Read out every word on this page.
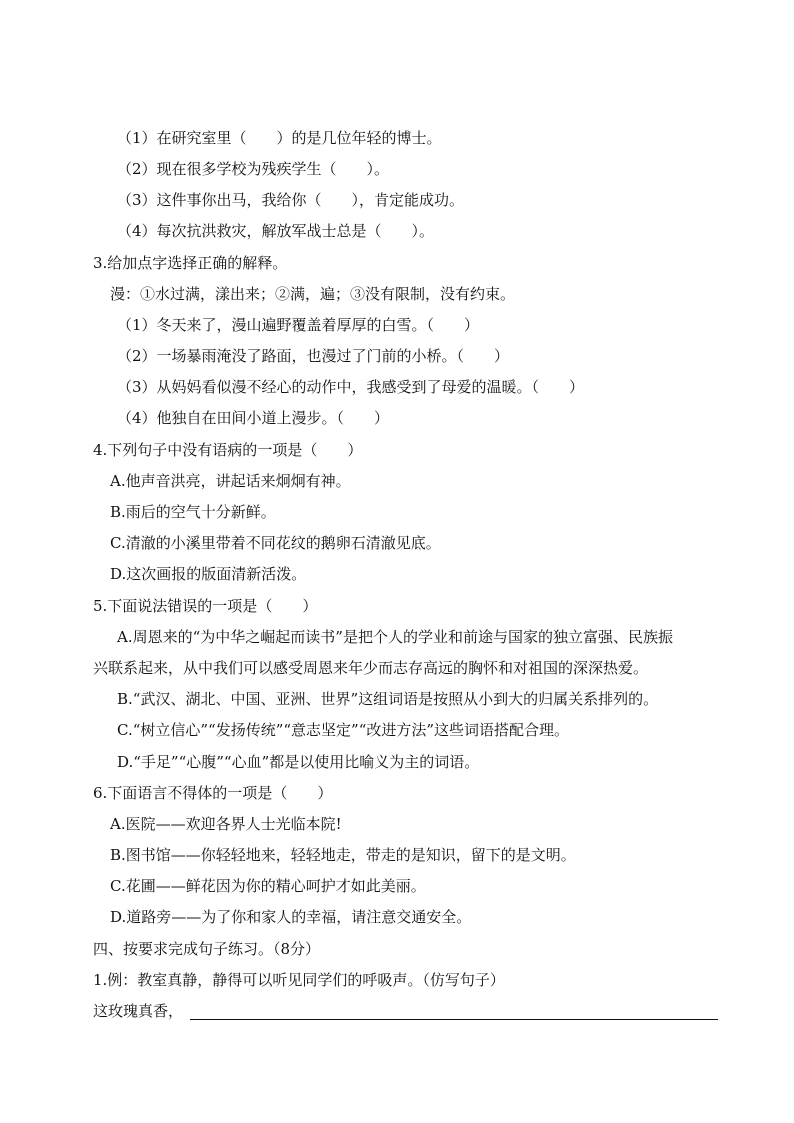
（1）在研究室里（　　）的是几位年轻的博士。
（2）现在很多学校为残疾学生（　　）。
（3）这件事你出马，我给你（　　），肯定能成功。
（4）每次抗洪救灾，解放军战士总是（　　）。
3.给加点字选择正确的解释。
漫：①水过满，漾出来；②满，遍；③没有限制，没有约束。
（1）冬天来了，漫山遍野覆盖着厚厚的白雪。（　　）
（2）一场暴雨淹没了路面，也漫过了门前的小桥。（　　）
（3）从妈妈看似漫不经心的动作中，我感受到了母爱的温暖。（　　）
（4）他独自在田间小道上漫步。（　　）
4.下列句子中没有语病的一项是（　　）
A.他声音洪亮，讲起话来炯炯有神。
B.雨后的空气十分新鲜。
C.清澈的小溪里带着不同花纹的鹅卵石清澈见底。
D.这次画报的版面清新活泼。
5.下面说法错误的一项是（　　）
A.周恩来的“为中华之崛起而读书”是把个人的学业和前途与国家的独立富强、民族振
兴联系起来，从中我们可以感受周恩来年少而志存高远的胸怀和对祖国的深深热爱。
B.“武汉、湖北、中国、亚洲、世界”这组词语是按照从小到大的归属关系排列的。
C.“树立信心”“发扬传统”“意志坚定”“改进方法”这些词语搭配合理。
D.“手足”“心腹”“心血”都是以使用比喻义为主的词语。
6.下面语言不得体的一项是（　　）
A.医院——欢迎各界人士光临本院!
B.图书馆——你轻轻地来，轻轻地走，带走的是知识，留下的是文明。
C.花圃——鲜花因为你的精心呵护才如此美丽。
D.道路旁——为了你和家人的幸福，请注意交通安全。
四、按要求完成句子练习。（8分）
1.例：教室真静，静得可以听见同学们的呼吸声。（仿写句子）
这玫瑰真香，
